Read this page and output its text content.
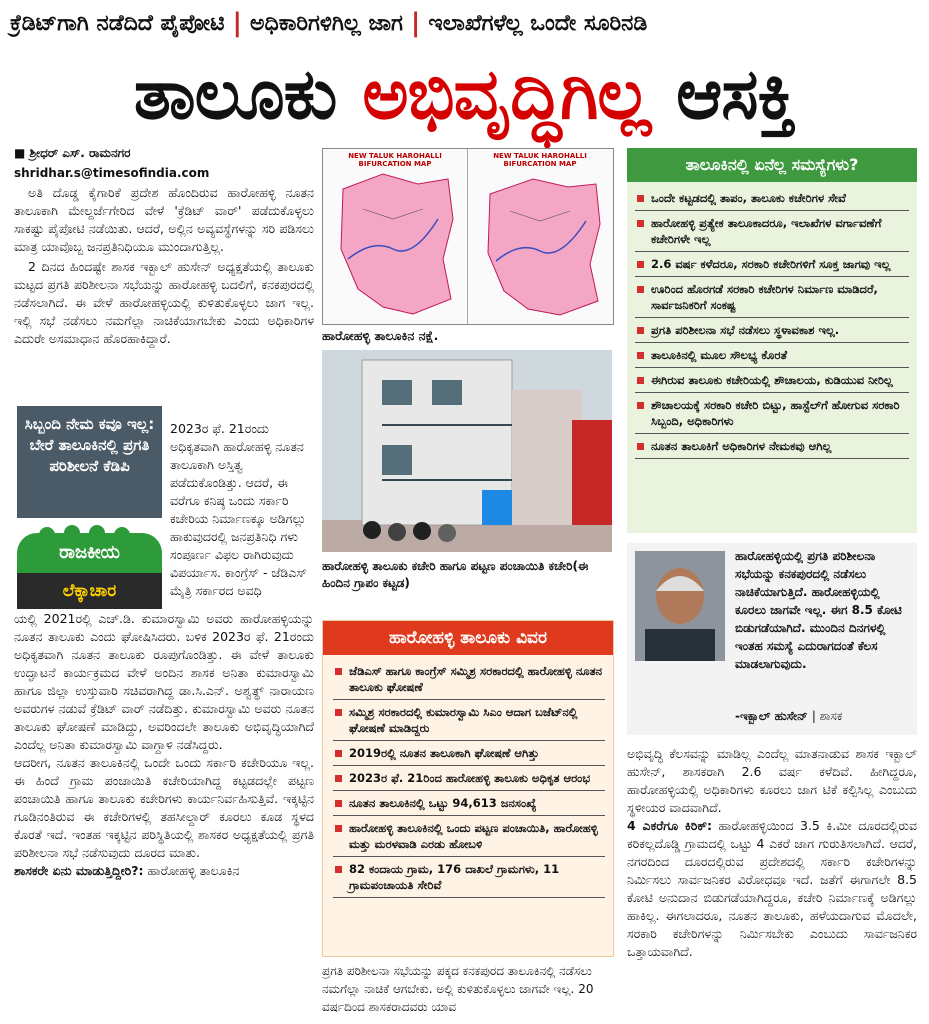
ಕ್ರೆಡಿಟ್‌ಗಾಗಿ ನಡೆದಿದೆ ಪೈಪೋಟಿ | ಅಧಿಕಾರಿಗಳಿಗಿಲ್ಲ ಜಾಗ | ಇಲಾಖೆಗಳೆಲ್ಲ ಒಂದೇ ಸೂರಿನಡಿ
ತಾಲೂಕು ಅಭಿವೃದ್ಧಿಗಿಲ್ಲ ಆಸಕ್ತಿ
■ ಶ್ರೀಧರ್ ಎಸ್. ರಾಮನಗರ
shridhar.s@timesofindia.com

ಅತಿ ದೊಡ್ಡ ಕೈಗಾರಿಕೆ ಪ್ರದೇಶ ಹೊಂದಿರುವ ಹಾರೋಹಳ್ಳಿ ನೂತನ ತಾಲೂಕಾಗಿ ಮೇಲ್ದರ್ಜೆಗೇರಿದ ವೇಳೆ 'ಕ್ರೆಡಿಟ್ ವಾರ್' ಪಡೆದುಕೊಳ್ಳಲು ಸಾಕಷ್ಟು ಪೈಪೋಟಿ ನಡೆಯಿತು. ಆದರೆ, ಅಲ್ಲಿನ ಅವ್ಯವಸ್ಥೆಗಳನ್ನು ಸರಿ ಪಡಿಸಲು ಮಾತ್ರ ಯಾವೊಬ್ಬ ಜನಪ್ರತಿನಿಧಿಯೂ ಮುಂದಾಗುತ್ತಿಲ್ಲ.

2 ದಿನದ ಹಿಂದಷ್ಟೇ ಶಾಸಕ ಇಕ್ಬಾಲ್ ಹುಸೇನ್ ಅಧ್ಯಕ್ಷತೆಯಲ್ಲಿ ತಾಲೂಕು ಮಟ್ಟದ ಪ್ರಗತಿ ಪರಿಶೀಲನಾ ಸಭೆಯನ್ನು ಹಾರೋಹಳ್ಳಿ ಬದಲಿಗೆ, ಕನಕಪುರದಲ್ಲಿ ನಡೆಸಲಾಗಿದೆ. ಈ ವೇಳೆ ಹಾರೋಹಳ್ಳಿಯಲ್ಲಿ ಕುಳಿತುಕೊಳ್ಳಲು ಜಾಗ ಇಲ್ಲ. ಇಲ್ಲಿ ಸಭೆ ನಡೆಸಲು ನಮಗೆಲ್ಲಾ ನಾಚಿಕೆಯಾಗಬೇಕು ಎಂದು ಅಧಿಕಾರಿಗಳ ಎದುರೇ ಅಸಮಾಧಾನ ಹೊರಹಾಕಿದ್ದಾರೆ.

ಸಿಬ್ಬಂದಿ ನೇಮ ಕವೂ ಇಲ್ಲ: ಬೇರೆ ತಾಲೂಕಿನಲ್ಲಿ ಪ್ರಗತಿ ಪರಿಶೀಲನೆ ಕೆಡಿಪಿ
ರಾಜಕೀಯ
ಲೆಕ್ಕಾಚಾರ
2023ರ ಫೆ. 21ರಂದು ಅಧಿಕೃತವಾಗಿ ಹಾರೋಹಳ್ಳಿ ನೂತನ ತಾಲೂಕಾಗಿ ಅಸ್ತಿತ್ವ ಪಡೆದುಕೊಂಡಿತ್ತು. ಆದರೆ, ಈ ವರೆಗೂ ಕನಿಷ್ಠ ಒಂದು ಸರ್ಕಾರಿ ಕಚೇರಿಯ ನಿರ್ಮಾಣಕ್ಕೂ ಅಡಿಗಲ್ಲು ಹಾಕುವುದರಲ್ಲಿ ಜನಪ್ರತಿನಿಧಿ ಗಳು ಸಂಪೂರ್ಣ ವಿಫಲ ರಾಗಿರುವುದು ವಿಪರ್ಯಾಸ. ಕಾಂಗ್ರೆಸ್ - ಜೆಡಿಎಸ್ ಮೈತ್ರಿ ಸರ್ಕಾರದ ಅವಧಿ
ಯಲ್ಲಿ 2021ರಲ್ಲಿ ಎಚ್.ಡಿ. ಕುಮಾರಸ್ವಾಮಿ ಅವರು ಹಾರೋಹಳ್ಳಿಯನ್ನು ನೂತನ ತಾಲೂಕು ಎಂದು ಘೋಷಿಸಿದರು. ಬಳಿಕ 2023ರ ಫೆ. 21ರಂದು ಅಧಿಕೃತವಾಗಿ ನೂತನ ತಾಲೂಕು ರೂಪುಗೊಂಡಿತ್ತು. ಈ ವೇಳೆ ತಾಲೂಕು ಉದ್ಘಾಟನೆ ಕಾರ್ಯಕ್ರಮದ ವೇಳೆ ಅಂದಿನ ಶಾಸಕ ಅನಿತಾ ಕುಮಾರಸ್ವಾಮಿ ಹಾಗೂ ಜಿಲ್ಲಾ ಉಸ್ತುವಾರಿ ಸಚಿವರಾಗಿದ್ದ ಡಾ.ಸಿ.ಎನ್. ಅಶ್ವತ್ಥ್ ನಾರಾಯಣ ಅವರುಗಳ ನಡುವೆ ಕ್ರೆಡಿಟ್ ವಾರ್ ನಡೆದಿತ್ತು. ಕುಮಾರಸ್ವಾಮಿ ಅವರು ನೂತನ ತಾಲೂಕು ಘೋಷಣೆ ಮಾಡಿದ್ದು, ಅವರಿಂದಲೇ ತಾಲೂಕು ಅಭಿವೃದ್ಧಿಯಾಗಿದೆ ಎಂದೆಲ್ಲ ಅನಿತಾ ಕುಮಾರಸ್ವಾಮಿ ವಾಗ್ದಾಳಿ ನಡೆಸಿದ್ದರು.
ಆದರೀಗ, ನೂತನ ತಾಲೂಕಿನಲ್ಲಿ ಒಂದೇ ಒಂದು ಸರ್ಕಾರಿ ಕಚೇರಿಯೂ ಇಲ್ಲ. ಈ ಹಿಂದೆ ಗ್ರಾಮ ಪಂಚಾಯಿತಿ ಕಚೇರಿಯಾಗಿದ್ದ ಕಟ್ಟಡದಲ್ಲೇ ಪಟ್ಟಣ ಪಂಚಾಯಿತಿ ಹಾಗೂ ತಾಲೂಕು ಕಚೇರಿಗಳು ಕಾರ್ಯನಿರ್ವಹಿಸುತ್ತಿವೆ. ಇಕ್ಕಟ್ಟಿನ ಗೂಡಿನಂತಿರುವ ಈ ಕಚೇರಿಗಳಲ್ಲಿ ತಹಸೀಲ್ದಾರ್ ಕೂರಲು ಕೂಡ ಸ್ಥಳದ ಕೊರತೆ ಇದೆ. ಇಂತಹ ಇಕ್ಕಟ್ಟಿನ ಪರಿಸ್ಥಿತಿಯಲ್ಲಿ ಶಾಸಕರ ಅಧ್ಯಕ್ಷತೆಯಲ್ಲಿ ಪ್ರಗತಿ ಪರಿಶೀಲನಾ ಸಭೆ ನಡೆಸುವುದು ದೂರದ ಮಾತು.
ಶಾಸಕರೇ ಏನು ಮಾಡುತ್ತಿದ್ದೀರಿ?: ಹಾರೋಹಳ್ಳಿ ತಾಲೂಕಿನ
NEW TALUK HAROHALLI BIFURCATION MAP
NEW TALUK HAROHALLI BIFURCATION MAP
ಹಾರೋಹಳ್ಳಿ ತಾಲೂಕಿನ ನಕ್ಷೆ.
ಹಾರೋಹಳ್ಳಿ ತಾಲೂಕು ಕಚೇರಿ ಹಾಗೂ ಪಟ್ಟಣ ಪಂಚಾಯಿತಿ ಕಚೇರಿ(ಈ ಹಿಂದಿನ ಗ್ರಾಪಂ ಕಟ್ಟಡ)
ಹಾರೋಹಳ್ಳಿ ತಾಲೂಕು ವಿವರ
ಜೆಡಿಎಸ್ ಹಾಗೂ ಕಾಂಗ್ರೆಸ್ ಸಮ್ಮಿಶ್ರ ಸರಕಾರದಲ್ಲಿ ಹಾರೋಹಳ್ಳಿ ನೂತನ ತಾಲೂಕು ಘೋಷಣೆ
ಸಮ್ಮಿಶ್ರ ಸರಕಾರದಲ್ಲಿ ಕುಮಾರಸ್ವಾಮಿ ಸಿಎಂ ಆದಾಗ ಬಜೆಟ್‌ನಲ್ಲಿ ಘೋಷಣೆ ಮಾಡಿದ್ದರು
2019ರಲ್ಲಿ ನೂತನ ತಾಲೂಕಾಗಿ ಘೋಷಣೆ ಆಗಿತ್ತು
2023ರ ಫೆ. 21ರಿಂದ ಹಾರೋಹಳ್ಳಿ ತಾಲೂಕು ಅಧಿಕೃತ ಆರಂಭ
ನೂತನ ತಾಲೂಕಿನಲ್ಲಿ ಒಟ್ಟು 94,613 ಜನಸಂಖ್ಯೆ
ಹಾರೋಹಳ್ಳಿ ತಾಲೂಕಿನಲ್ಲಿ ಒಂದು ಪಟ್ಟಣ ಪಂಚಾಯಿತಿ, ಹಾರೋಹಳ್ಳಿ ಮತ್ತು ಮರಳವಾಡಿ ಎರಡು ಹೋಬಳಿ
82 ಕಂದಾಯ ಗ್ರಾಮ, 176 ದಾಖಲೆ ಗ್ರಾಮಗಳು, 11 ಗ್ರಾಮಪಂಚಾಯತಿ ಸೇರಿವೆ
ಪ್ರಗತಿ ಪರಿಶೀಲನಾ ಸಭೆಯನ್ನು ಪಕ್ಕದ ಕನಕಪುರದ ತಾಲೂಕಿನಲ್ಲಿ ನಡೆಸಲು ನಮಗೆಲ್ಲಾ ನಾಚಿಕೆ ಆಗಬೇಕು. ಅಲ್ಲಿ ಕುಳಿತುಕೊಳ್ಳಲು ಜಾಗವೇ ಇಲ್ಲ. 20 ವರ್ಷದಿಂದ ಶಾಸಕರಾದವರು ಯಾವ
ತಾಲೂಕಿನಲ್ಲಿ ಏನೆಲ್ಲ ಸಮಸ್ಯೆಗಳು?
ಒಂದೇ ಕಟ್ಟಡದಲ್ಲಿ ತಾಪಂ, ತಾಲೂಕು ಕಚೇರಿಗಳ ಸೇವೆ
ಹಾರೋಹಳ್ಳಿ ಪ್ರತ್ಯೇಕ ತಾಲೂಕಾದರೂ, ಇಲಾಖೆಗಳ ವರ್ಗಾವಣೆಗೆ ಕಚೇರಿಗಳೇ ಇಲ್ಲ
2.6 ವರ್ಷ ಕಳೆದರೂ, ಸರಕಾರಿ ಕಚೇರಿಗಳಿಗೆ ಸೂಕ್ತ ಜಾಗವು ಇಲ್ಲ
ಊರಿಂದ ಹೊರಗಡೆ ಸರಕಾರಿ ಕಚೇರಿಗಳ ನಿರ್ಮಾಣ ಮಾಡಿದರೆ, ಸಾರ್ವಜನಿಕರಿಗೆ ಸಂಕಷ್ಟ
ಪ್ರಗತಿ ಪರಿಶೀಲನಾ ಸಭೆ ನಡೆಸಲು ಸ್ಥಳಾವಕಾಶ ಇಲ್ಲ.
ತಾಲೂಕಿನಲ್ಲಿ ಮೂಲ ಸೌಲಭ್ಯ ಕೊರತೆ
ಈಗಿರುವ ತಾಲೂಕು ಕಚೇರಿಯಲ್ಲಿ ಶೌಚಾಲಯ, ಕುಡಿಯುವ ನೀರಿಲ್ಲ
ಶೌಚಾಲಯಕ್ಕೆ ಸರಕಾರಿ ಕಚೇರಿ ಬಿಟ್ಟು, ಹಾಸ್ಟೆಲ್‌ಗೆ ಹೋಗುವ ಸರಕಾರಿ ಸಿಬ್ಬಂದಿ, ಅಧಿಕಾರಿಗಳು
ನೂತನ ತಾಲೂಕಿಗೆ ಅಧಿಕಾರಿಗಳ ನೇಮಕವು ಆಗಿಲ್ಲ
ಹಾರೋಹಳ್ಳಿಯಲ್ಲಿ ಪ್ರಗತಿ ಪರಿಶೀಲನಾ ಸಭೆಯನ್ನು ಕನಕಪುರದಲ್ಲಿ ನಡೆಸಲು ನಾಚಿಕೆಯಾಗುತ್ತಿದೆ. ಹಾರೋಹಳ್ಳಿಯಲ್ಲಿ ಕೂರಲು ಜಾಗವೇ ಇಲ್ಲ. ಈಗ 8.5 ಕೋಟಿ ಬಿಡುಗಡೆಯಾಗಿದೆ. ಮುಂದಿನ ದಿನಗಳಲ್ಲಿ ಇಂತಹ ಸಮಸ್ಯೆ ಎದುರಾಗದಂತೆ ಕೆಲಸ ಮಾಡಲಾಗುವುದು.
-ಇಕ್ಬಾಲ್ ಹುಸೇನ್ | ಶಾಸಕ

ಅಭಿವೃದ್ಧಿ ಕೆಲಸವನ್ನು ಮಾಡಿಲ್ಲ ಎಂದೆಲ್ಲ ಮಾತನಾಡುವ ಶಾಸಕ ಇಕ್ಬಾಲ್ ಹುಸೇನ್, ಶಾಸಕರಾಗಿ 2.6 ವರ್ಷ ಕಳೆದಿವೆ. ಹೀಗಿದ್ದರೂ, ಹಾರೋಹಳ್ಳಿಯಲ್ಲಿ ಅಧಿಕಾರಿಗಳು ಕೂರಲು ಜಾಗ ಟಿಕೆ ಕಲ್ಪಿಸಿಲ್ಲ ಎಂಬುದು ಸ್ಥಳೀಯರ ವಾದವಾಗಿದೆ.

4 ಎಕರೆಗೂ ಕಿರಿಕ್: ಹಾರೋಹಳ್ಳಿಯಿಂದ 3.5 ಕಿ.ಮೀ ದೂರದಲ್ಲಿರುವ ಕರಿಕಲ್ಲದೊಡ್ಡಿ ಗ್ರಾಮದಲ್ಲಿ ಒಟ್ಟು 4 ಎಕರೆ ಜಾಗ ಗುರುತಿಸಲಾಗಿದೆ. ಆದರೆ, ನಗರದಿಂದ ದೂರದಲ್ಲಿರುವ ಪ್ರದೇಶದಲ್ಲಿ ಸರ್ಕಾರಿ ಕಚೇರಿಗಳನ್ನು ನಿರ್ಮಿಸಲು ಸಾರ್ವಜನಿಕರ ವಿರೋಧವೂ ಇದೆ. ಜತೆಗೆ ಈಗಾಗಲೇ 8.5 ಕೋಟಿ ಅನುದಾನ ಬಿಡುಗಡೆಯಾಗಿದ್ದರೂ, ಕಚೇರಿ ನಿರ್ಮಾಣಕ್ಕೆ ಅಡಿಗಲ್ಲು ಹಾಕಿಲ್ಲ. ಈಗಲಾದರೂ, ನೂತನ ತಾಲೂಕು, ಹಳೆಯದಾಗುವ ಮೊದಲೇ, ಸರಕಾರಿ ಕಚೇರಿಗಳನ್ನು ನಿರ್ಮಿಸಬೇಕು ಎಂಬುದು ಸಾರ್ವಜನಿಕರ ಒತ್ತಾಯವಾಗಿದೆ.
